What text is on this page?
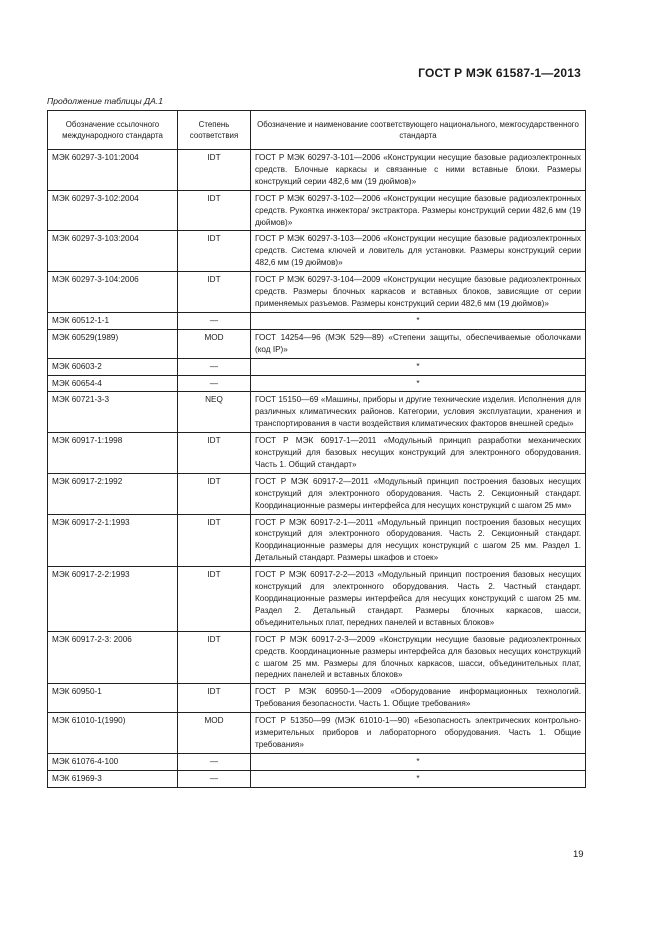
ГОСТ Р МЭК 61587-1—2013
Продолжение таблицы ДА.1
Обозначение ссылочного международного стандарта	Степень соответствия	Обозначение и наименование соответствующего национального, межгосударственного стандарта
МЭК 60297-3-101:2004	IDT	ГОСТ Р МЭК 60297-3-101—2006 «Конструкции несущие базовые радиоэлектронных средств. Блочные каркасы и связанные с ними вставные блоки. Размеры конструкций серии 482,6 мм (19 дюймов)»
МЭК 60297-3-102:2004	IDT	ГОСТ Р МЭК 60297-3-102—2006 «Конструкции несущие базовые радиоэлектронных средств. Рукоятка инжектора/ экстрактора. Размеры конструкций серии 482,6 мм (19 дюймов)»
МЭК 60297-3-103:2004	IDT	ГОСТ Р МЭК 60297-3-103—2006 «Конструкции несущие базовые радиоэлектронных средств. Система ключей и ловитель для установки. Размеры конструкций серии 482,6 мм (19 дюймов)»
МЭК 60297-3-104:2006	IDT	ГОСТ Р МЭК 60297-3-104—2009 «Конструкции несущие базовые радиоэлектронных средств. Размеры блочных каркасов и вставных блоков, зависящие от серии применяемых разъемов. Размеры конструкций серии 482,6 мм (19 дюймов)»
МЭК 60512-1-1	—	*
МЭК 60529(1989)	MOD	ГОСТ 14254—96 (МЭК 529—89) «Степени защиты, обеспечиваемые оболочками (код IP)»
МЭК 60603-2	—	*
МЭК 60654-4	—	*
МЭК 60721-3-3	NEQ	ГОСТ 15150—69 «Машины, приборы и другие технические изделия. Исполнения для различных климатических районов. Категории, условия эксплуатации, хранения и транспортирования в части воздействия климатических факторов внешней среды»
МЭК 60917-1:1998	IDT	ГОСТ Р МЭК 60917-1—2011 «Модульный принцип разработки механических конструкций для базовых несущих конструкций для электронного оборудования. Часть 1. Общий стандарт»
МЭК 60917-2:1992	IDT	ГОСТ Р МЭК 60917-2—2011 «Модульный принцип построения базовых несущих конструкций для электронного оборудования. Часть 2. Секционный стандарт. Координационные размеры интерфейса для несущих конструкций с шагом 25 мм»
МЭК 60917-2-1:1993	IDT	ГОСТ Р МЭК 60917-2-1—2011 «Модульный принцип построения базовых несущих конструкций для электронного оборудования. Часть 2. Секционный стандарт. Координационные размеры для несущих конструкций с шагом 25 мм. Раздел 1. Детальный стандарт. Размеры шкафов и стоек»
МЭК 60917-2-2:1993	IDT	ГОСТ Р МЭК 60917-2-2—2013 «Модульный принцип построения базовых несущих конструкций для электронного оборудования. Часть 2. Частный стандарт. Координационные размеры интерфейса для несущих конструкций с шагом 25 мм. Раздел 2. Детальный стандарт. Размеры блочных каркасов, шасси, объединительных плат, передних панелей и вставных блоков»
МЭК 60917-2-3: 2006	IDT	ГОСТ Р МЭК 60917-2-3—2009 «Конструкции несущие базовые радиоэлектронных средств. Координационные размеры интерфейса для базовых несущих конструкций с шагом 25 мм. Размеры для блочных каркасов, шасси, объединительных плат, передних панелей и вставных блоков»
МЭК 60950-1	IDT	ГОСТ Р МЭК 60950-1—2009 «Оборудование информационных технологий. Требования безопасности. Часть 1. Общие требования»
МЭК 61010-1(1990)	MOD	ГОСТ Р 51350—99 (МЭК 61010-1—90) «Безопасность электрических контрольно-измерительных приборов и лабораторного оборудования. Часть 1. Общие требования»
МЭК 61076-4-100	—	*
МЭК 61969-3	—	*
19
